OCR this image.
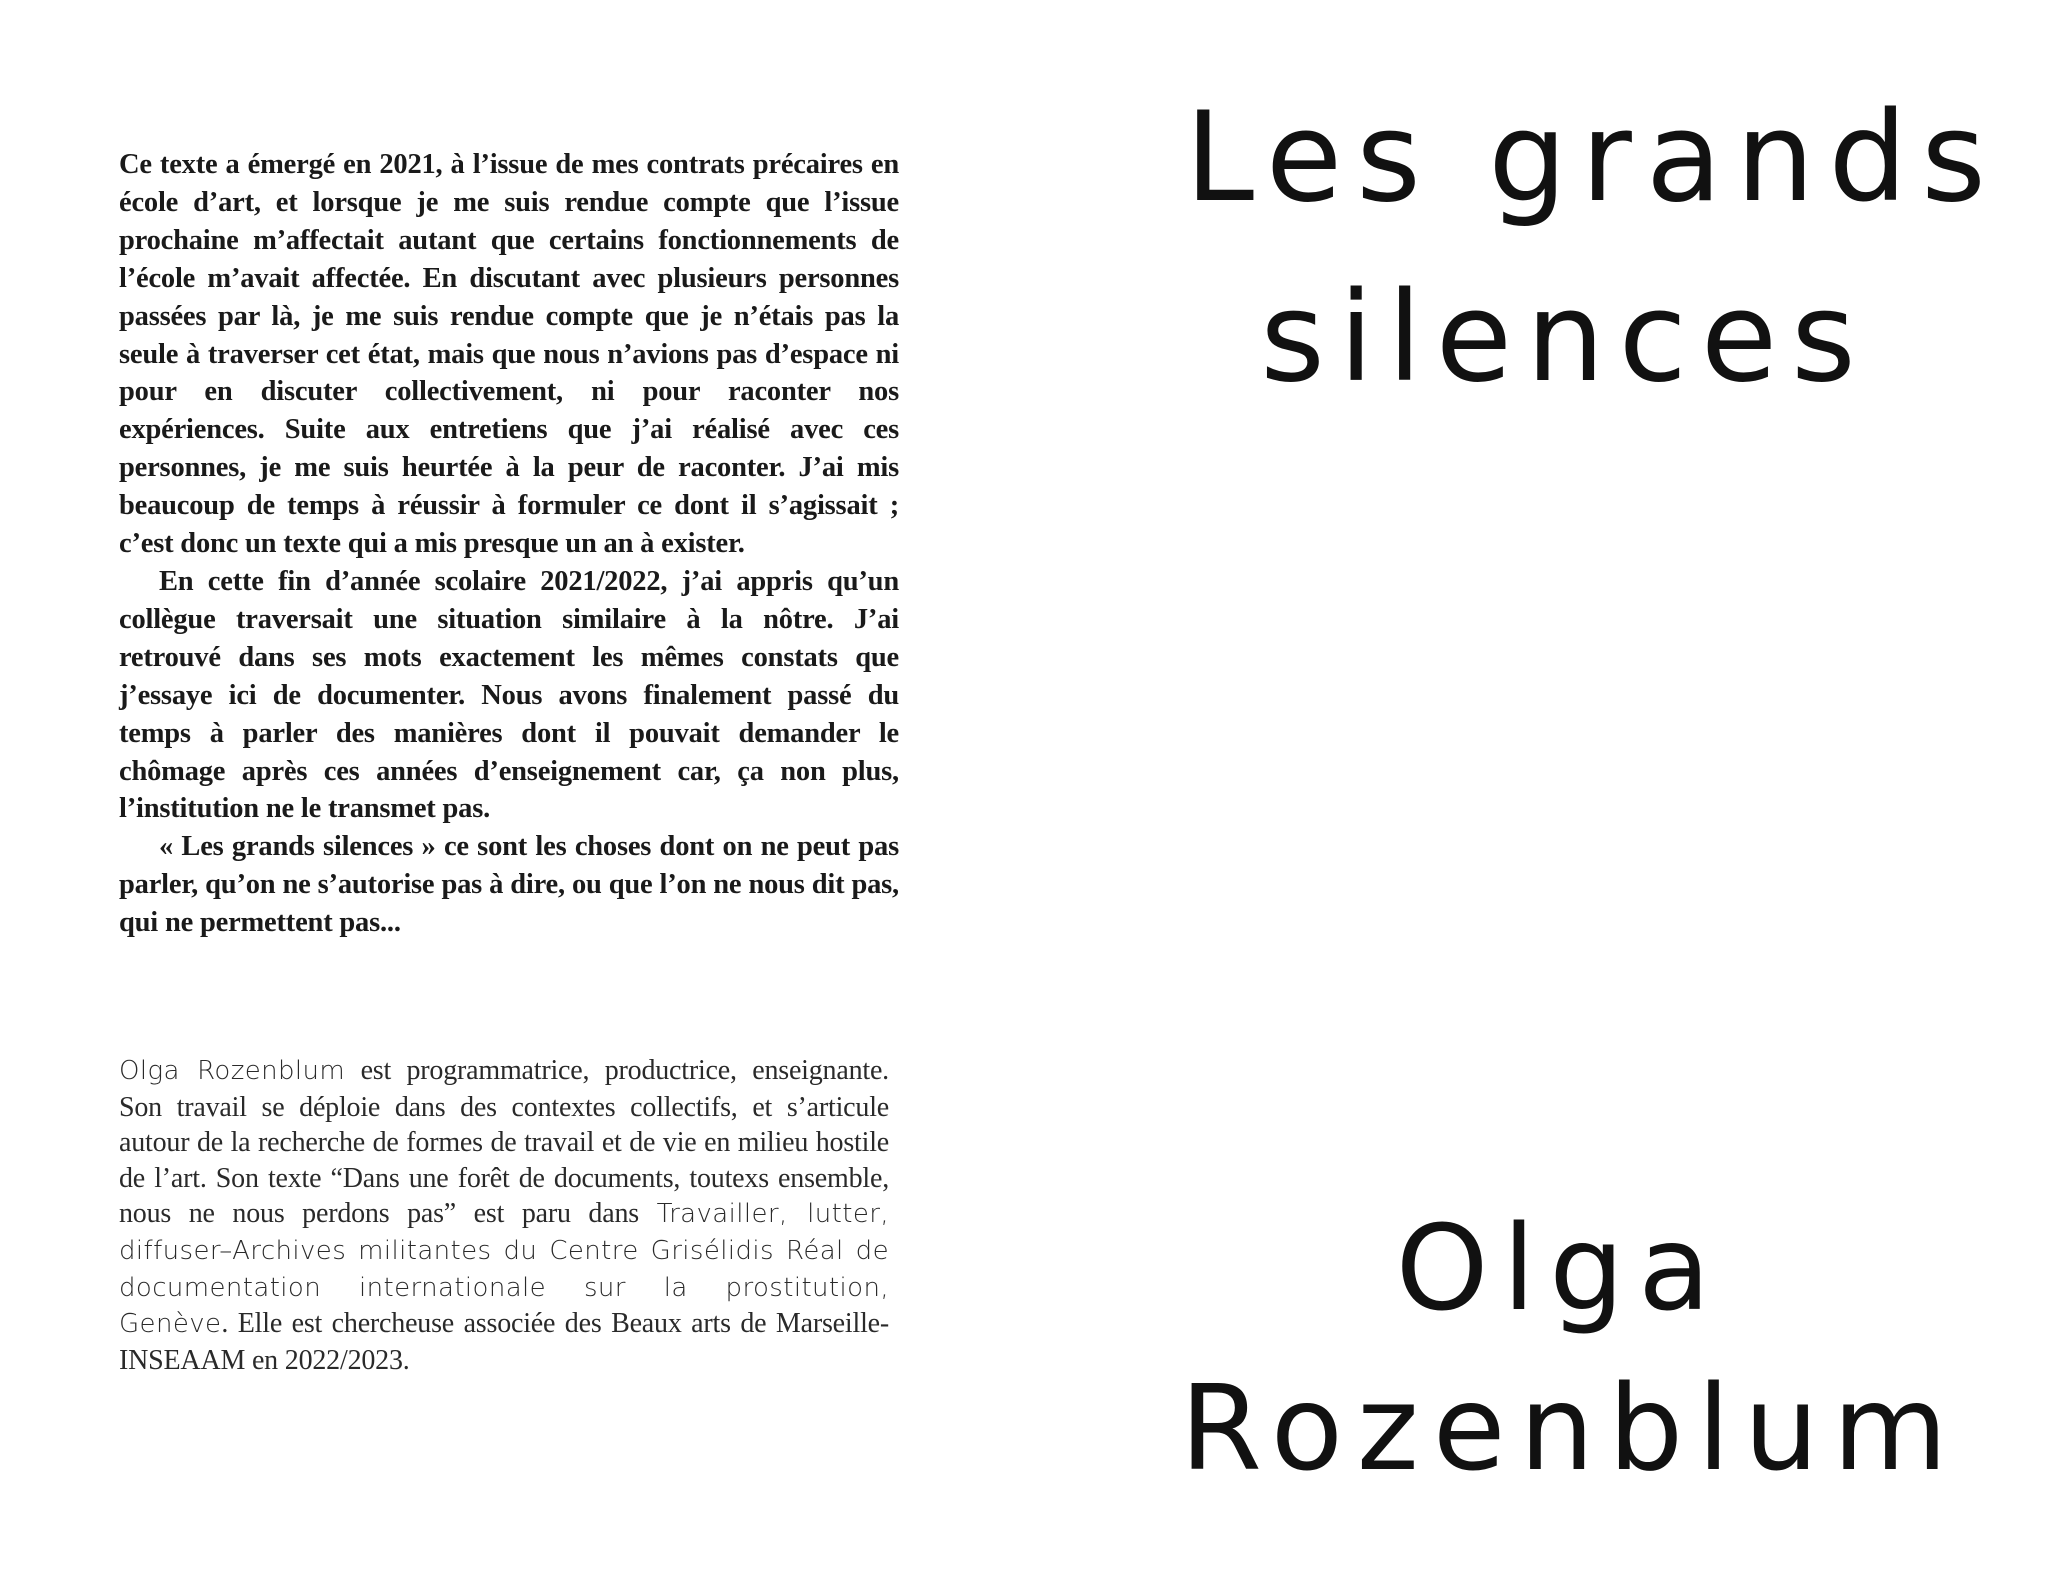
Ce texte a émergé en 2021, à l’issue de mes contrats précaires en école d’art, et lorsque je me suis rendue compte que l’issue prochaine m’affectait autant que certains fonctionnements de l’école m’avait affectée. En discutant avec plusieurs personnes passées par là, je me suis rendue compte que je n’étais pas la seule à traverser cet état, mais que nous n’avions pas d’espace ni pour en discuter collectivement, ni pour raconter nos expériences. Suite aux entretiens que j’ai réalisé avec ces personnes, je me suis heurtée à la peur de raconter. J’ai mis beaucoup de temps à réussir à formuler ce dont il s’agissait ; c’est donc un texte qui a mis presque un an à exister.

En cette fin d’année scolaire 2021/2022, j’ai appris qu’un collègue traversait une situation similaire à la nôtre. J’ai retrouvé dans ses mots exactement les mêmes constats que j’essaye ici de documenter. Nous avons finalement passé du temps à parler des manières dont il pouvait demander le chômage après ces années d’enseignement car, ça non plus, l’institution ne le transmet pas.

« Les grands silences » ce sont les choses dont on ne peut pas parler, qu’on ne s’autorise pas à dire, ou que l’on ne nous dit pas, qui ne permettent pas...

Olga Rozenblum est programmatrice, productrice, enseignante. Son travail se déploie dans des contextes collectifs, et s’articule autour de la recherche de formes de travail et de vie en milieu hostile de l’art. Son texte “Dans une forêt de documents, toutexs ensemble, nous ne nous perdons pas” est paru dans Travailler, lutter, diffuser–Archives militantes du Centre Grisélidis Réal de documentation internationale sur la prostitution, Genève. Elle est chercheuse associée des Beaux arts de Marseille-INSEAAM en 2022/2023.
Les grands
silences
Olga
Rozenblum
